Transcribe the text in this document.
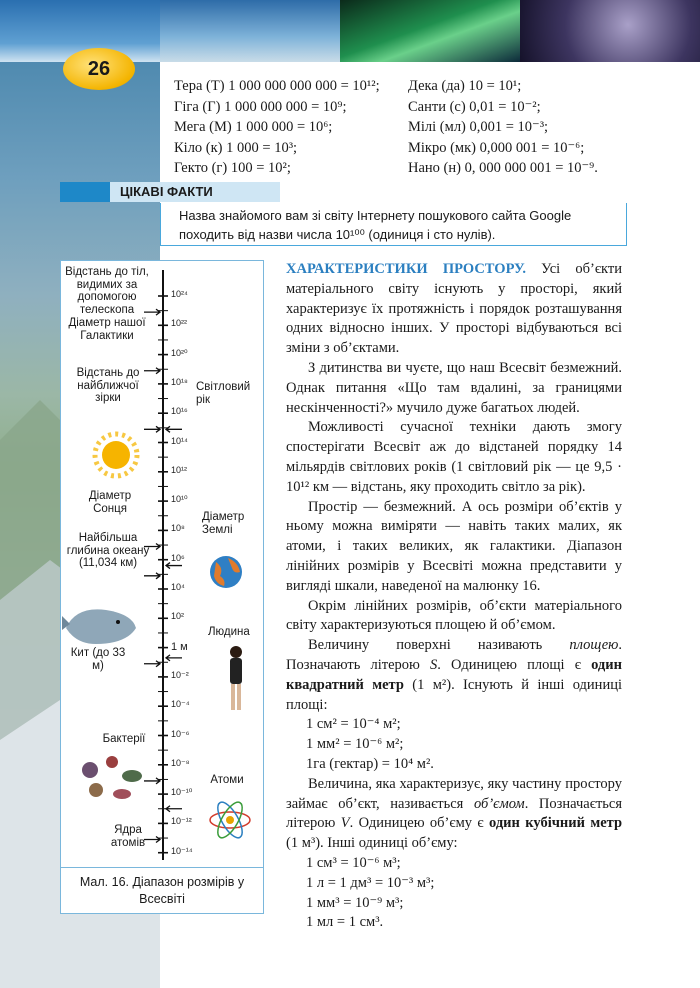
26
Тера (Т) 1 000 000 000 000 = 10¹²;
Гіга (Г) 1 000 000 000 = 10⁹;
Мега (М) 1 000 000 = 10⁶;
Кіло (к) 1 000 = 10³;
Гекто (г) 100 = 10²;
Дека (да) 10 = 10¹;
Санти (с) 0,01 = 10⁻²;
Мілі (мл) 0,001 = 10⁻³;
Мікро (мк) 0,000 001 = 10⁻⁶;
Нано (н) 0, 000 000 001 = 10⁻⁹.
ЦІКАВІ ФАКТИ
Назва знайомого вам зі світу Інтернету пошукового сайта Google походить від назви числа 10¹⁰⁰ (одиниця і сто нулів).
10²⁴
10²²
10²⁰
10¹⁸
10¹⁶
10¹⁴
10¹²
10¹⁰
10⁸
10⁶
10⁴
10²
1 м
10⁻²
10⁻⁴
10⁻⁶
10⁻⁸
10⁻¹⁰
10⁻¹²
10⁻¹⁴
Відстань до тіл, видимих за допомогою телескопа
Діаметр нашої Галактики
Відстань до найближчої зірки
Світловий рік
Діаметр Сонця
Діаметр Землі
Найбільша глибина океану (11,034 км)
Кит (до 33 м)
Людина
Бактерії
Атоми
Ядра атомів
Мал. 16. Діапазон розмірів у Всесвіті

ХАРАКТЕРИСТИКИ ПРОСТОРУ. Усі об’єкти матеріального світу існують у просторі, який характеризує їх протяжність і порядок розташування одних відносно інших. У просторі відбуваються всі зміни з об’єктами.

З дитинства ви чуєте, що наш Всесвіт безмежний. Однак питання «Що там вдалині, за границями нескінченності?» мучило дуже багатьох людей.

Можливості сучасної техніки дають змогу спостерігати Всесвіт аж до відстаней порядку 14 мільярдів світлових років (1 світловий рік — це 9,5 · 10¹² км — відстань, яку проходить світло за рік).

Простір — безмежний. А ось розміри об’єктів у ньому можна виміряти — навіть таких малих, як атоми, і таких великих, як галактики. Діапазон лінійних розмірів у Всесвіті можна представити у вигляді шкали, наведеної на малюнку 16.

Окрім лінійних розмірів, об’єкти матеріального світу характеризуються площею й об’ємом.

Величину поверхні називають площею. Позначають літерою S. Одиницею площі є один квадратний метр (1 м²). Існують й інші одиниці площі:

1 см² = 10⁻⁴ м²;
1 мм² = 10⁻⁶ м²;
1га (гектар) = 10⁴ м².

Величина, яка характеризує, яку частину простору займає об’єкт, називається об’ємом. Позначається літерою V. Одиницею об’єму є один кубічний метр (1 м³). Інші одиниці об’єму:

1 см³ = 10⁻⁶ м³;
1 л = 1 дм³ = 10⁻³ м³;
1 мм³ = 10⁻⁹ м³;
1 мл = 1 см³.
